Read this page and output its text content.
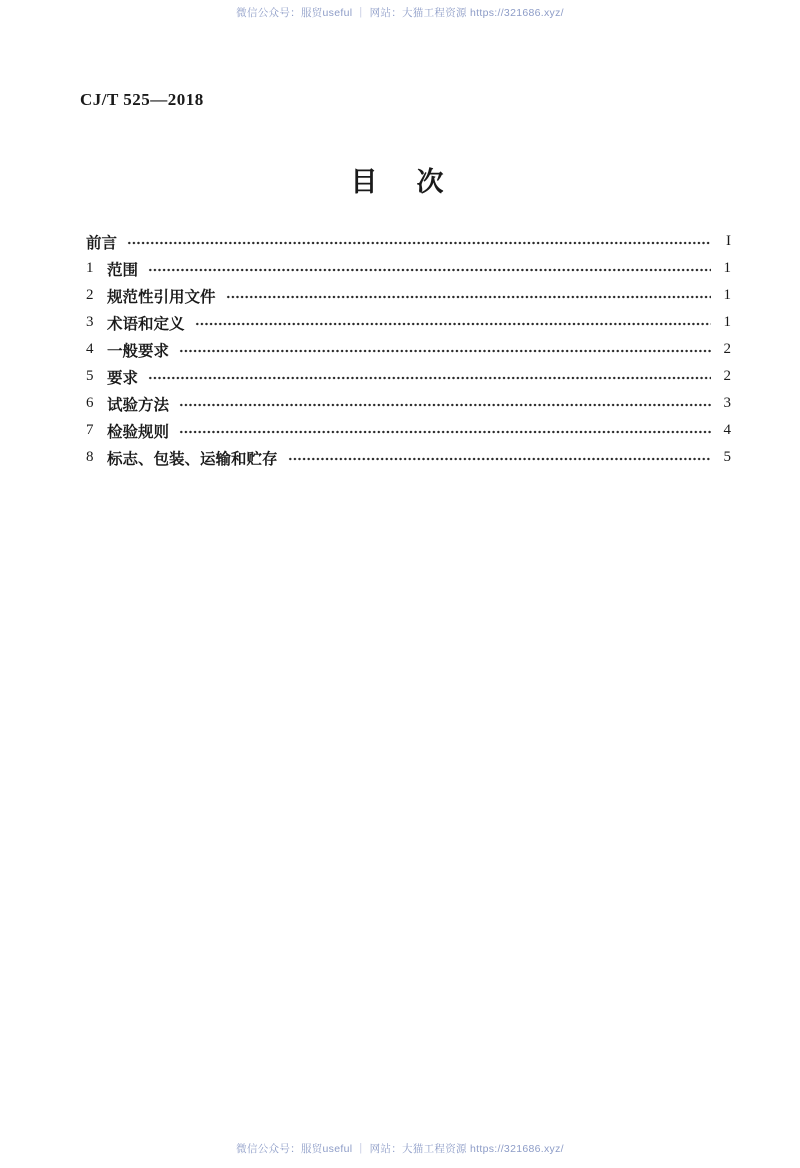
微信公众号：服贸useful ｜ 网站：大猫工程资源 https://321686.xyz/
CJ/T 525—2018
目　次
前言	I
1 范围	1
2 规范性引用文件	1
3 术语和定义	1
4 一般要求	2
5 要求	2
6 试验方法	3
7 检验规则	4
8 标志、包装、运输和贮存	5
微信公众号：服贸useful ｜ 网站：大猫工程资源 https://321686.xyz/
